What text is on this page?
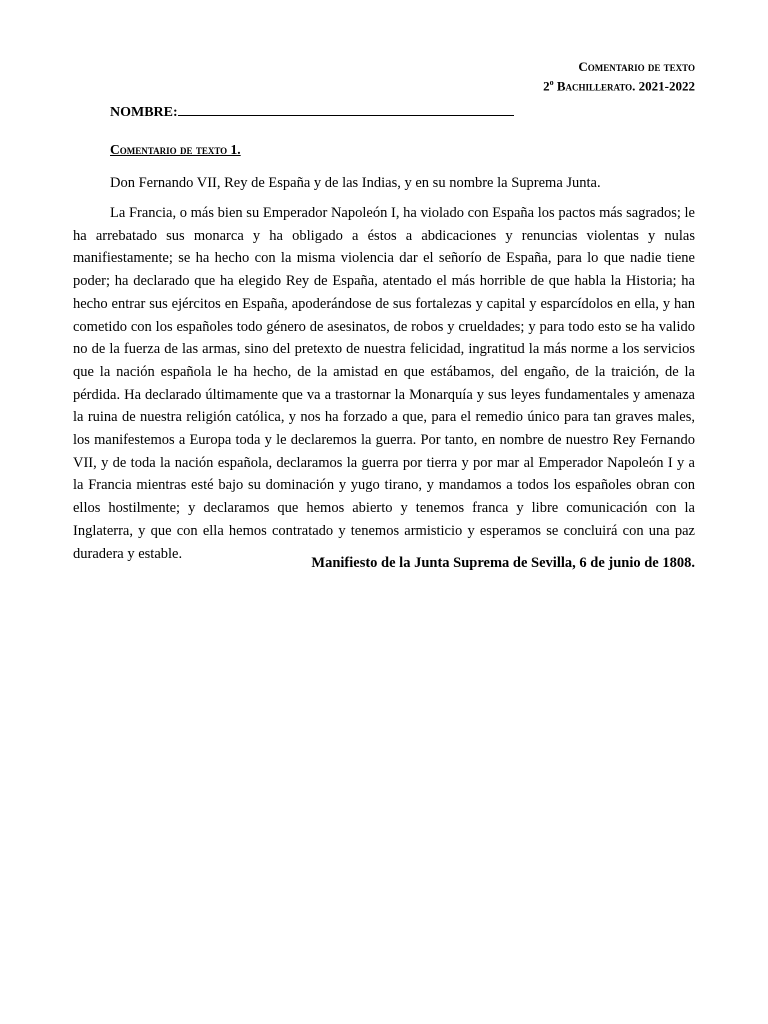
Comentario de texto
2$^o$ Bachillerato. 2021-2022
NOMBRE:
Comentario de texto 1.

Don Fernando VII, Rey de España y de las Indias, y en su nombre la Suprema Junta.

La Francia, o más bien su Emperador Napoleón I, ha violado con España los pactos más sagrados; le ha arrebatado sus monarca y ha obligado a éstos a abdicaciones y renuncias violentas y nulas manifiestamente; se ha hecho con la misma violencia dar el señorío de España, para lo que nadie tiene poder; ha declarado que ha elegido Rey de España, atentado el más horrible de que habla la Historia; ha hecho entrar sus ejércitos en España, apoderándose de sus fortalezas y capital y esparcídolos en ella, y han cometido con los españoles todo género de asesinatos, de robos y crueldades; y para todo esto se ha valido no de la fuerza de las armas, sino del pretexto de nuestra felicidad, ingratitud la más norme a los servicios que la nación española le ha hecho, de la amistad en que estábamos, del engaño, de la traición, de la pérdida. Ha declarado últimamente que va a trastornar la Monarquía y sus leyes fundamentales y amenaza la ruina de nuestra religión católica, y nos ha forzado a que, para el remedio único para tan graves males, los manifestemos a Europa toda y le declaremos la guerra. Por tanto, en nombre de nuestro Rey Fernando VII, y de toda la nación española, declaramos la guerra por tierra y por mar al Emperador Napoleón I y a la Francia mientras esté bajo su dominación y yugo tirano, y mandamos a todos los españoles obran con ellos hostilmente; y declaramos que hemos abierto y tenemos franca y libre comunicación con la Inglaterra, y que con ella hemos contratado y tenemos armisticio y esperamos se concluirá con una paz duradera y estable.

Manifiesto de la Junta Suprema de Sevilla, 6 de junio de 1808.
